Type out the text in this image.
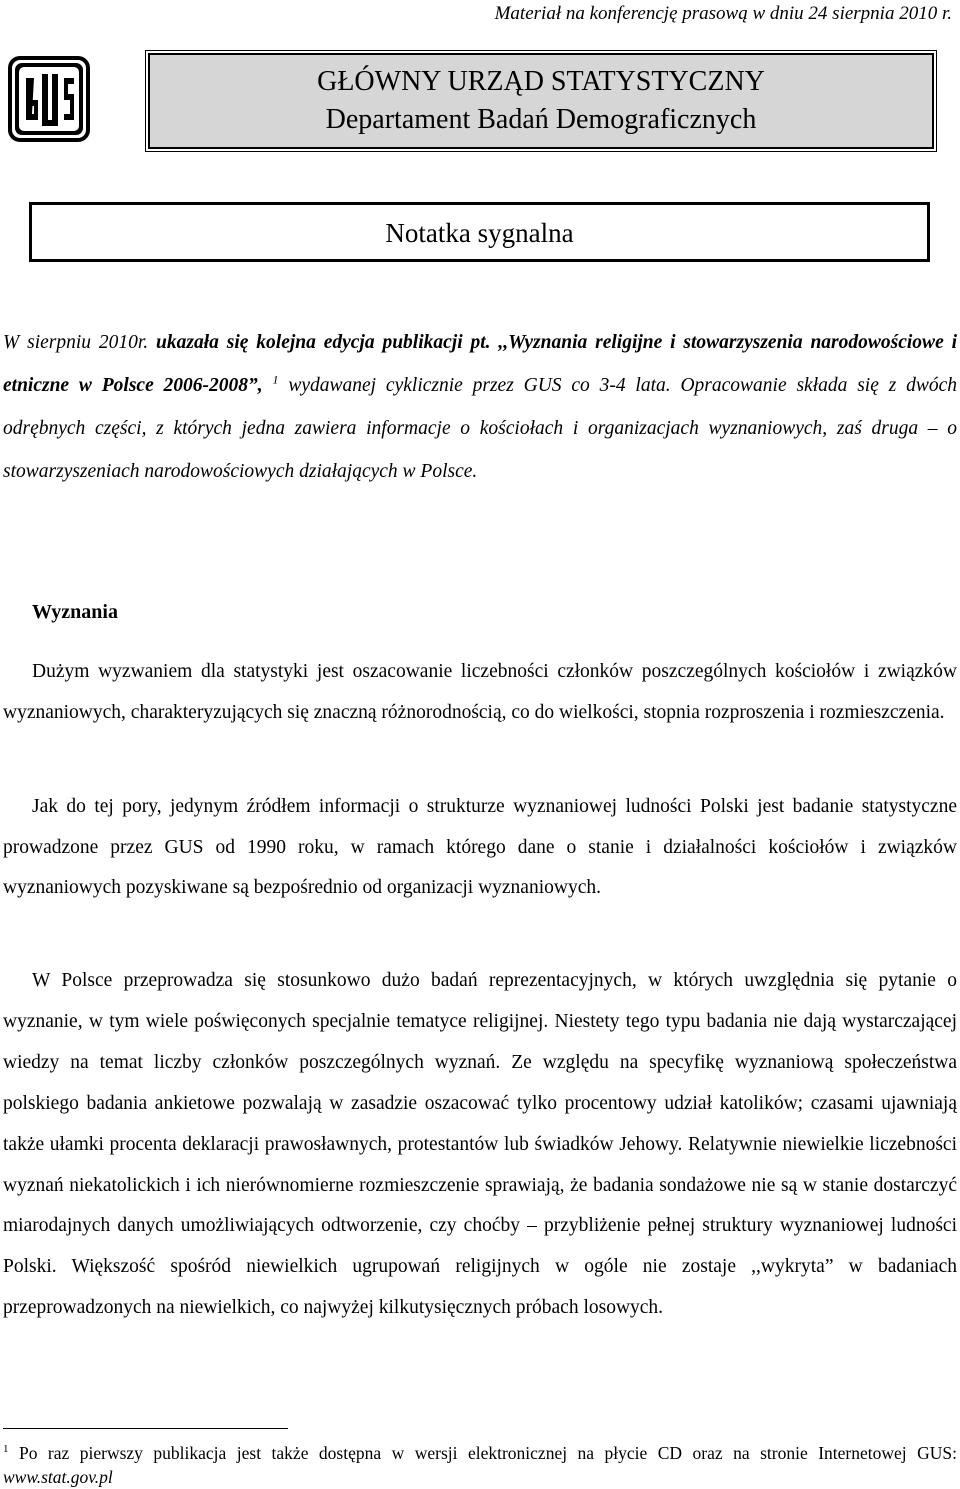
Materiał na konferencję prasową w dniu 24 sierpnia 2010 r.
GŁÓWNY URZĄD STATYSTYCZNY
Departament Badań Demograficznych
Notatka sygnalna
W sierpniu 2010r. ukazała się kolejna edycja publikacji pt. ,,Wyznania religijne i stowarzyszenia narodowościowe i etniczne w Polsce 2006-2008”, $^1$ wydawanej cyklicznie przez GUS co 3-4 lata. Opracowanie składa się z dwóch odrębnych części, z których jedna zawiera informacje o kościołach i organizacjach wyznaniowych, zaś druga – o stowarzyszeniach narodowościowych działających w Polsce.
Wyznania
Dużym wyzwaniem dla statystyki jest oszacowanie liczebności członków poszczególnych kościołów i związków wyznaniowych, charakteryzujących się znaczną różnorodnością, co do wielkości, stopnia rozproszenia i rozmieszczenia.
Jak do tej pory, jedynym źródłem informacji o strukturze wyznaniowej ludności Polski jest badanie statystyczne prowadzone przez GUS od 1990 roku, w ramach którego dane o stanie i działalności kościołów i związków wyznaniowych pozyskiwane są bezpośrednio od organizacji wyznaniowych.
W Polsce przeprowadza się stosunkowo dużo badań reprezentacyjnych, w których uwzględnia się pytanie o wyznanie, w tym wiele poświęconych specjalnie tematyce religijnej. Niestety tego typu badania nie dają wystarczającej wiedzy na temat liczby członków poszczególnych wyznań. Ze względu na specyfikę wyznaniową społeczeństwa polskiego badania ankietowe pozwalają w zasadzie oszacować tylko procentowy udział katolików; czasami ujawniają także ułamki procenta deklaracji prawosławnych, protestantów lub świadków Jehowy. Relatywnie niewielkie liczebności wyznań niekatolickich i ich nierównomierne rozmieszczenie sprawiają, że badania sondażowe nie są w stanie dostarczyć miarodajnych danych umożliwiających odtworzenie, czy choćby – przybliżenie pełnej struktury wyznaniowej ludności Polski. Większość spośród niewielkich ugrupowań religijnych w ogóle nie zostaje ,,wykryta” w badaniach przeprowadzonych na niewielkich, co najwyżej kilkutysięcznych próbach losowych.
$^1$ Po raz pierwszy publikacja jest także dostępna w wersji elektronicznej na płycie CD oraz na stronie Internetowej GUS: www.stat.gov.pl
